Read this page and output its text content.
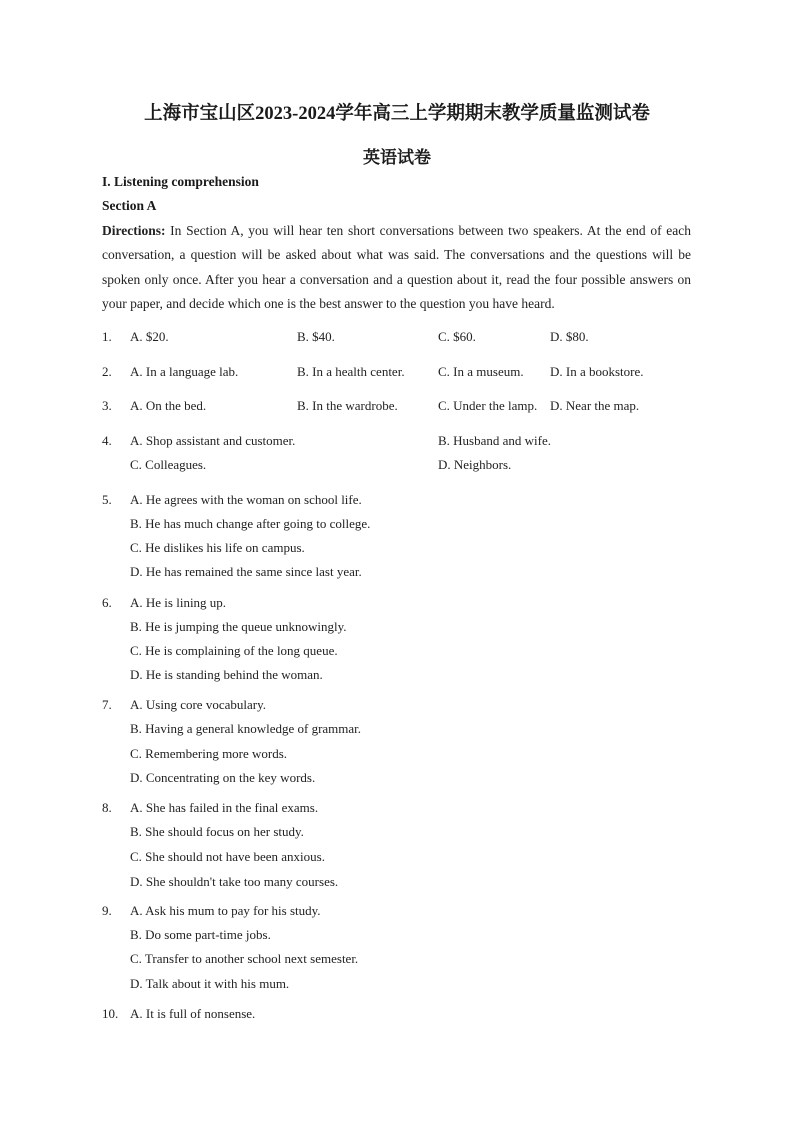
上海市宝山区2023-2024学年高三上学期期末教学质量监测试卷
英语试卷
I. Listening comprehension
Section A
Directions: In Section A, you will hear ten short conversations between two speakers. At the end of each conversation, a question will be asked about what was said. The conversations and the questions will be spoken only once. After you hear a conversation and a question about it, read the four possible answers on your paper, and decide which one is the best answer to the question you have heard.
1. A. $20.	B. $40.	C. $60.	D. $80.
2. A. In a language lab.	B. In a health center.	C. In a museum. D. In a bookstore.
3. A. On the bed.	B. In the wardrobe.	C. Under the lamp. D. Near the map.
4. A. Shop assistant and customer.	B. Husband and wife.
C. Colleagues.	D. Neighbors.
5. A. He agrees with the woman on school life.
B. He has much change after going to college.
C. He dislikes his life on campus.
D. He has remained the same since last year.
6. A. He is lining up.
B. He is jumping the queue unknowingly.
C. He is complaining of the long queue.
D. He is standing behind the woman.
7. A. Using core vocabulary.
B. Having a general knowledge of grammar.
C. Remembering more words.
D. Concentrating on the key words.
8. A. She has failed in the final exams.
B. She should focus on her study.
C. She should not have been anxious.
D. She shouldn't take too many courses.
9. A. Ask his mum to pay for his study.
B. Do some part-time jobs.
C. Transfer to another school next semester.
D. Talk about it with his mum.
10. A. It is full of nonsense.
